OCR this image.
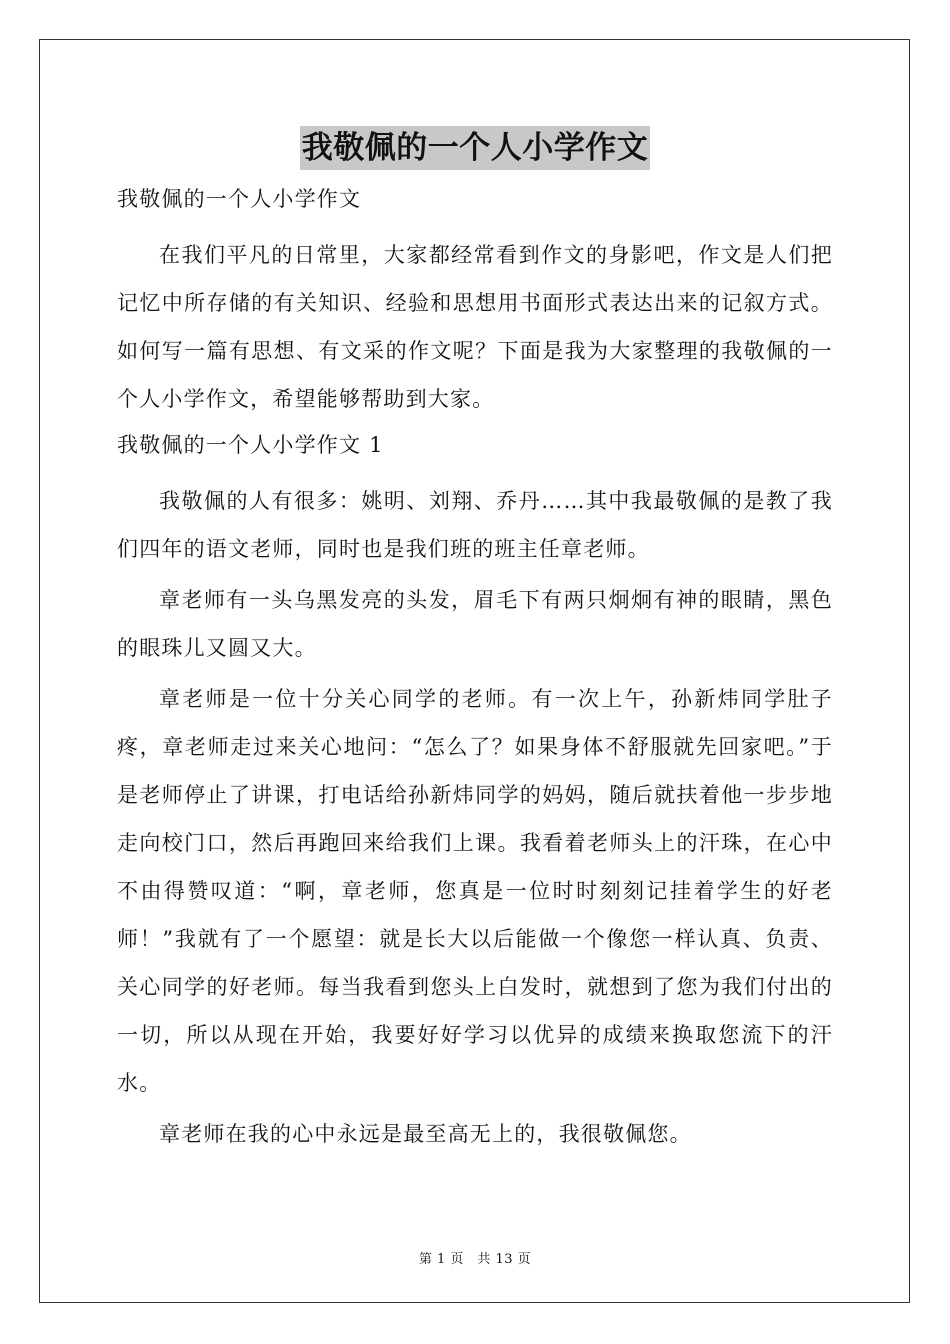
我敬佩的一个人小学作文

我敬佩的一个人小学作文

在我们平凡的日常里，大家都经常看到作文的身影吧，作文是人们把记忆中所存储的有关知识、经验和思想用书面形式表达出来的记叙方式。如何写一篇有思想、有文采的作文呢？下面是我为大家整理的我敬佩的一个人小学作文，希望能够帮助到大家。

我敬佩的一个人小学作文 1

我敬佩的人有很多：姚明、刘翔、乔丹……其中我最敬佩的是教了我们四年的语文老师，同时也是我们班的班主任章老师。

章老师有一头乌黑发亮的头发，眉毛下有两只炯炯有神的眼睛，黑色的眼珠儿又圆又大。

章老师是一位十分关心同学的老师。有一次上午，孙新炜同学肚子疼，章老师走过来关心地问：“怎么了？如果身体不舒服就先回家吧。”于是老师停止了讲课，打电话给孙新炜同学的妈妈，随后就扶着他一步步地走向校门口，然后再跑回来给我们上课。我看着老师头上的汗珠，在心中不由得赞叹道：“啊，章老师，您真是一位时时刻刻记挂着学生的好老师！”我就有了一个愿望：就是长大以后能做一个像您一样认真、负责、关心同学的好老师。每当我看到您头上白发时，就想到了您为我们付出的一切，所以从现在开始，我要好好学习以优异的成绩来换取您流下的汗水。

章老师在我的心中永远是最至高无上的，我很敬佩您。

第 1 页　共 13 页
